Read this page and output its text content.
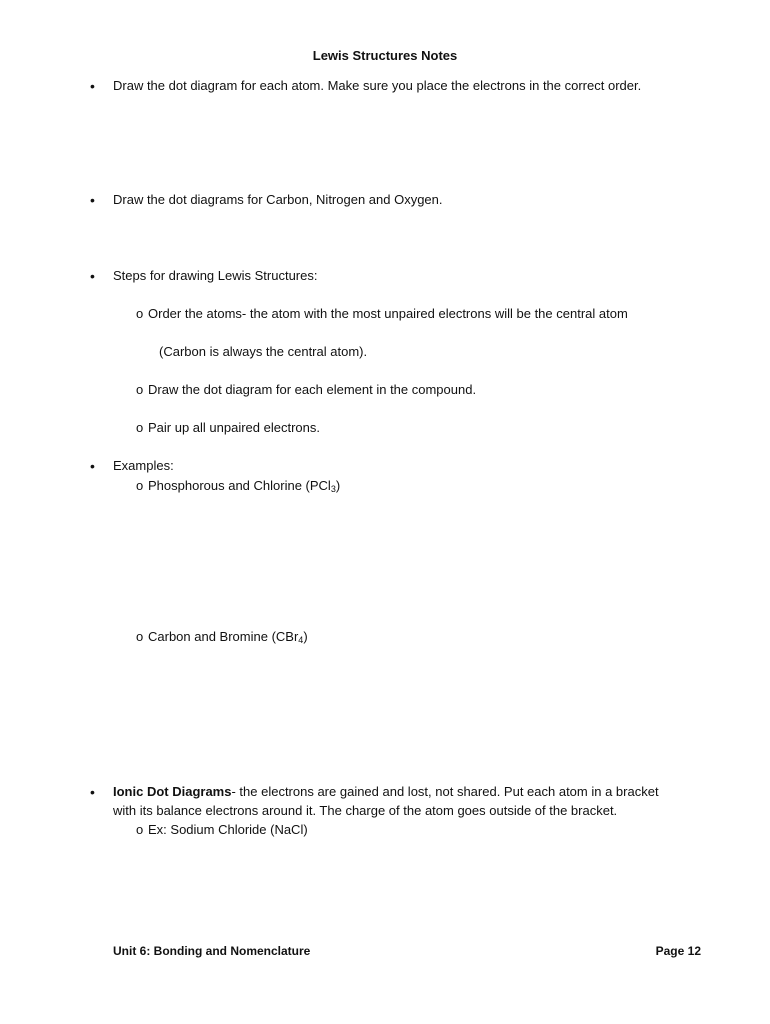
Lewis Structures Notes
•	Draw the dot diagram for each atom. Make sure you place the electrons in the correct order.
•	Draw the dot diagrams for Carbon, Nitrogen and Oxygen.
•	Steps for drawing Lewis Structures:
o Order the atoms- the atom with the most unpaired electrons will be the central atom
(Carbon is always the central atom).
o Draw the dot diagram for each element in the compound.
o Pair up all unpaired electrons.
•	Examples:
o Phosphorous and Chlorine (PCl$_3$)
o Carbon and Bromine (CBr$_4$)
•	Ionic Dot Diagrams- the electrons are gained and lost, not shared. Put each atom in a bracket
with its balance electrons around it. The charge of the atom goes outside of the bracket.
o Ex: Sodium Chloride (NaCl)
Unit 6: Bonding and Nomenclature	Page 12
